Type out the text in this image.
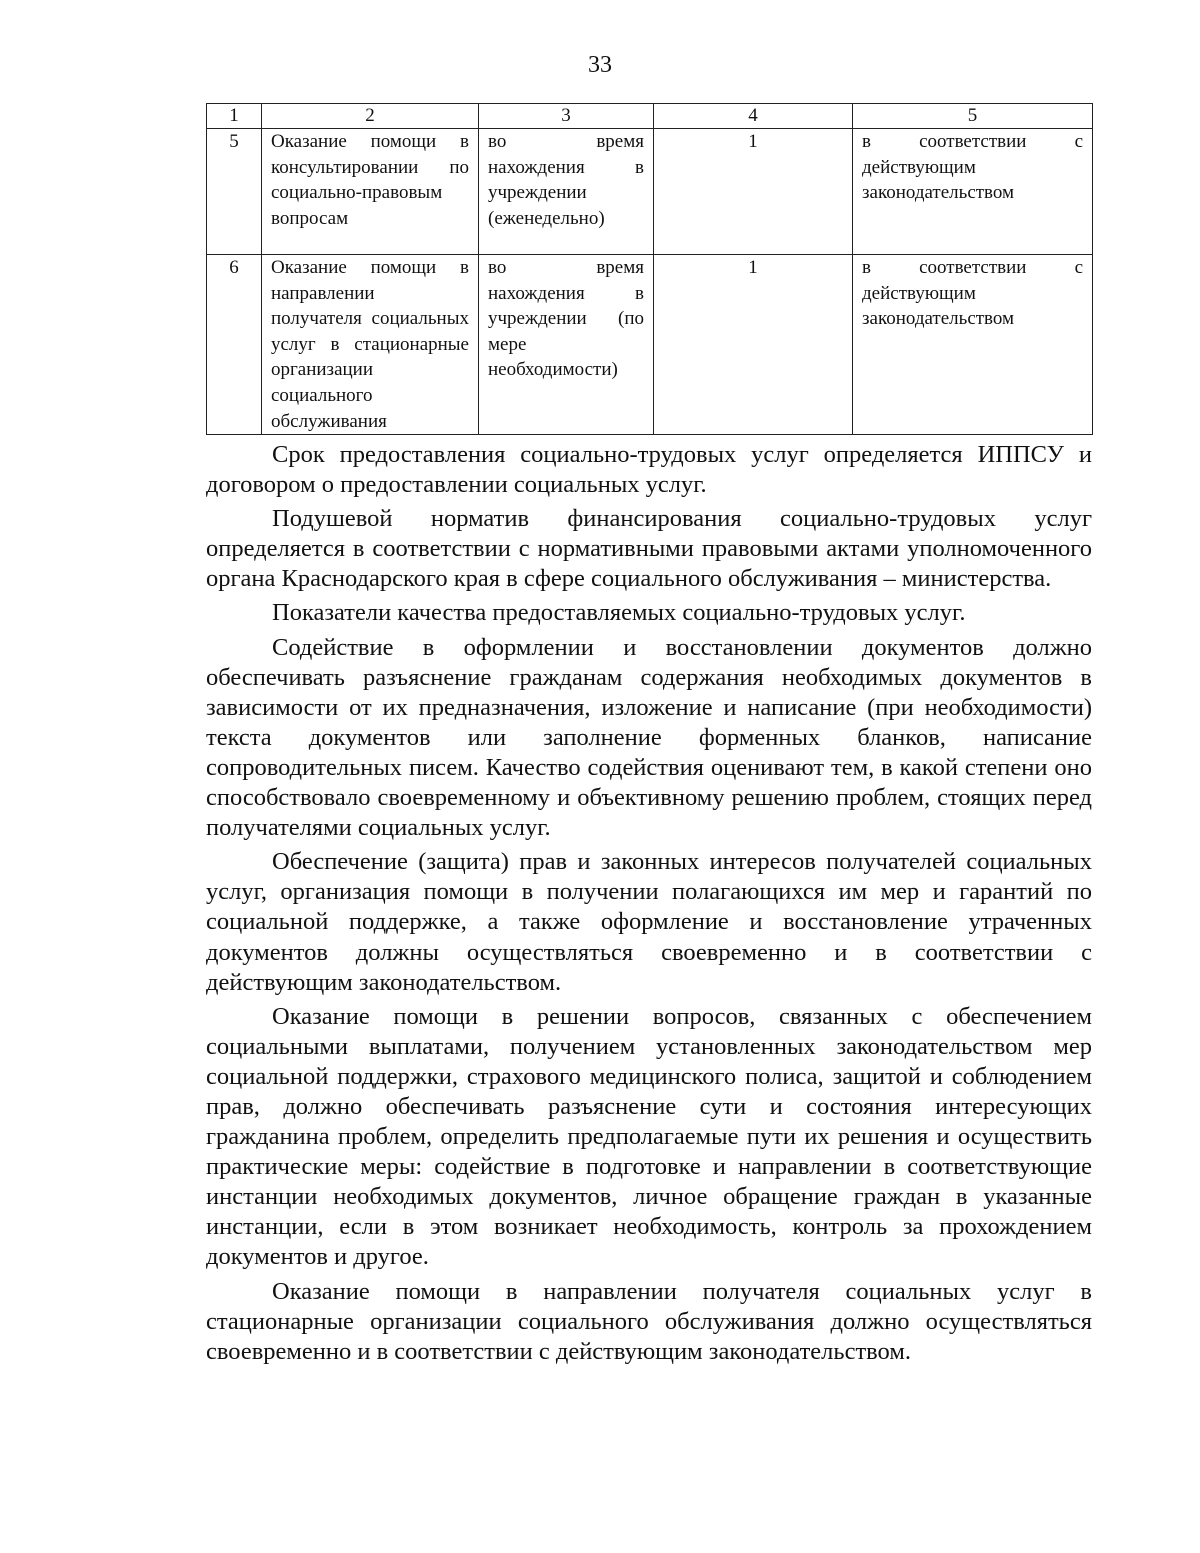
33
1	2	3	4	5
5	Оказание помощи в консультировании по социально-правовым вопросам	во время нахождения в учреждении (еженедельно)	1	в соответствии с действующим законодательством
6	Оказание помощи в направлении получателя социальных услуг в стационарные организации социального обслуживания	во время нахождения в учреждении (по мере необходимости)	1	в соответствии с действующим законодательством

Срок предоставления социально-трудовых услуг определяется ИППСУ и договором о предоставлении социальных услуг.

Подушевой норматив финансирования социально-трудовых услуг определяется в соответствии с нормативными правовыми актами уполномоченного органа Краснодарского края в сфере социального обслуживания – министерства.

Показатели качества предоставляемых социально-трудовых услуг.

Содействие в оформлении и восстановлении документов должно обеспечивать разъяснение гражданам содержания необходимых документов в зависимости от их предназначения, изложение и написание (при необходимости) текста документов или заполнение форменных бланков, написание сопроводительных писем. Качество содействия оценивают тем, в какой степени оно способствовало своевременному и объективному решению проблем, стоящих перед получателями социальных услуг.

Обеспечение (защита) прав и законных интересов получателей социальных услуг, организация помощи в получении полагающихся им мер и гарантий по социальной поддержке, а также оформление и восстановление утраченных документов должны осуществляться своевременно и в соответствии с действующим законодательством.

Оказание помощи в решении вопросов, связанных с обеспечением социальными выплатами, получением установленных законодательством мер социальной поддержки, страхового медицинского полиса, защитой и соблюдением прав, должно обеспечивать разъяснение сути и состояния интересующих гражданина проблем, определить предполагаемые пути их решения и осуществить практические меры: содействие в подготовке и направлении в соответствующие инстанции необходимых документов, личное обращение граждан в указанные инстанции, если в этом возникает необходимость, контроль за прохождением документов и другое.

Оказание помощи в направлении получателя социальных услуг в стационарные организации социального обслуживания должно осуществляться своевременно и в соответствии с действующим законодательством.
